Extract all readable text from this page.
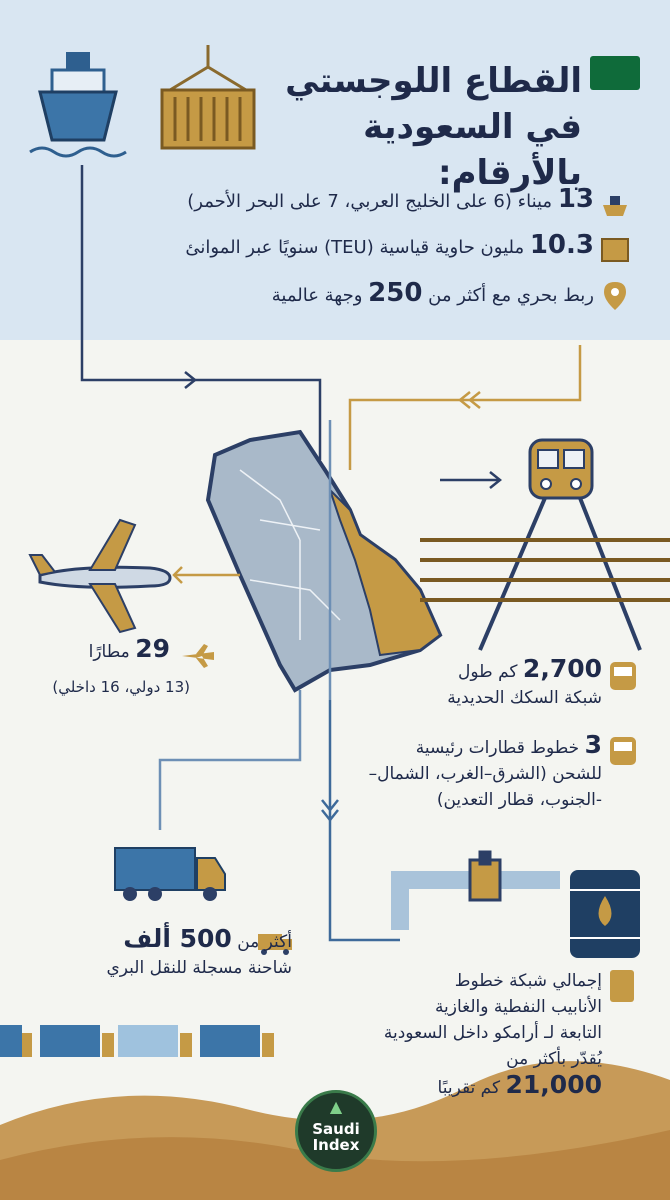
القطاع اللوجستي
في السعودية بالأرقام:
13 ميناء (6 على الخليج العربي، 7 على البحر الأحمر)
10.3 مليون حاوية قياسية (TEU) سنويًا عبر الموانئ
ربط بحري مع أكثر من 250 وجهة عالمية
29 مطارًا
(13 دولي، 16 داخلي)
2,700 كم طول
شبكة السكك الحديدية
3 خطوط قطارات رئيسية
للشحن (الشرق–الغرب، الشمال–
-الجنوب، قطار التعدين)
أكثر من 500 ألف
شاحنة مسجلة للنقل البري
إجمالي شبكة خطوط
الأنابيب النفطية والغازية
التابعة لـ أرامكو داخل السعودية
يُقدّر بأكثر من
21,000 كم تقريبًا
▲
Saudi
Index
